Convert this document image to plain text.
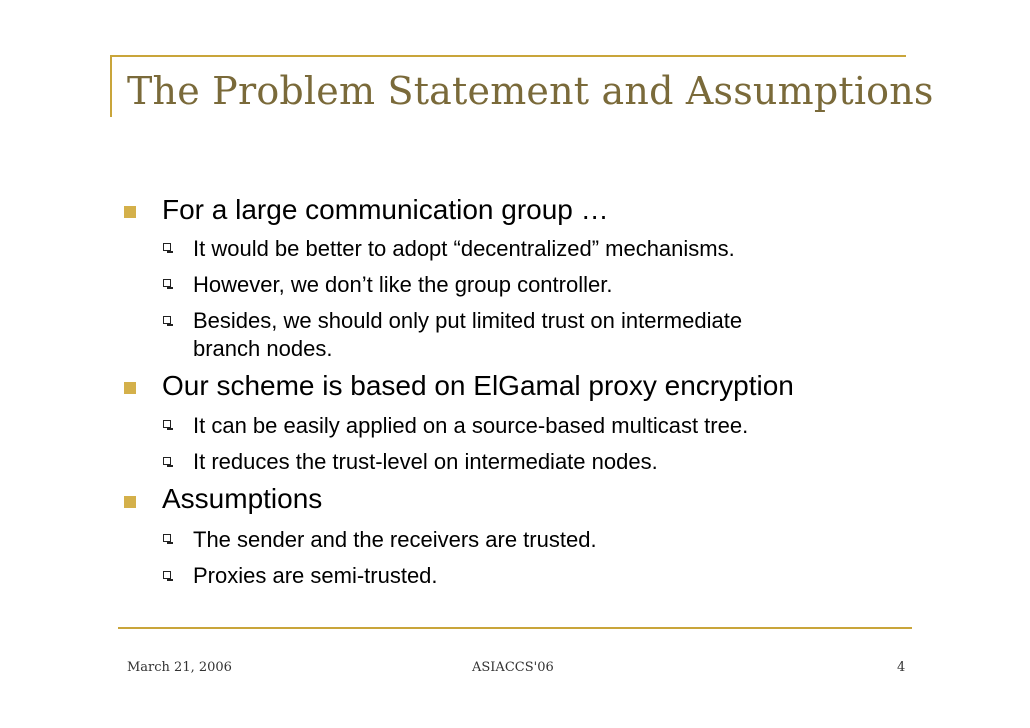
The Problem Statement and Assumptions
For a large communication group …
It would be better to adopt “decentralized” mechanisms.
However, we don’t like the group controller.
Besides, we should only put limited trust on intermediate
branch nodes.
Our scheme is based on ElGamal proxy encryption
It can be easily applied on a source-based multicast tree.
It reduces the trust-level on intermediate nodes.
Assumptions
The sender and the receivers are trusted.
Proxies are semi-trusted.
March 21, 2006	ASIACCS'06	4
